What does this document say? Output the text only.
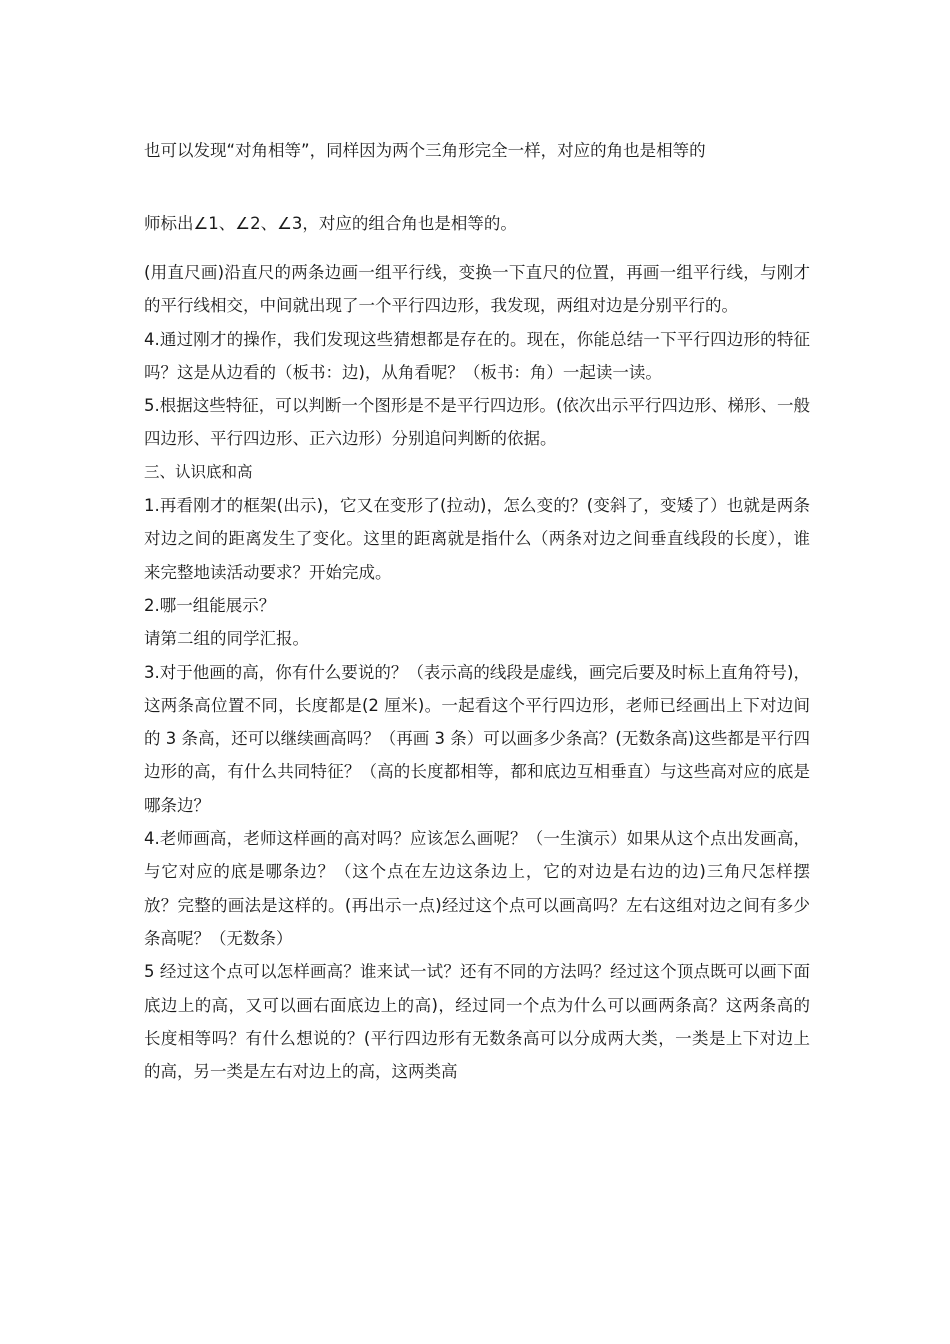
也可以发现“对角相等”，同样因为两个三角形完全一样，对应的角也是相等的
师标出∠1、∠2、∠3，对应的组合角也是相等的。

(用直尺画)沿直尺的两条边画一组平行线，变换一下直尺的位置，再画一组平行线，与刚才的平行线相交，中间就出现了一个平行四边形，我发现，两组对边是分别平行的。

4.通过刚才的操作，我们发现这些猜想都是存在的。现在，你能总结一下平行四边形的特征吗？这是从边看的（板书：边)，从角看呢？（板书：角）一起读一读。

5.根据这些特征，可以判断一个图形是不是平行四边形。(依次出示平行四边形、梯形、一般四边形、平行四边形、正六边形）分别追问判断的依据。

三、认识底和高

1.再看刚才的框架(出示)，它又在变形了(拉动)，怎么变的？(变斜了，变矮了）也就是两条对边之间的距离发生了变化。这里的距离就是指什么（两条对边之间垂直线段的长度），谁来完整地读活动要求？开始完成。

2.哪一组能展示？

请第二组的同学汇报。

3.对于他画的高，你有什么要说的？（表示高的线段是虚线，画完后要及时标上直角符号)，这两条高位置不同，长度都是(2 厘米)。一起看这个平行四边形，老师已经画出上下对边间的 3 条高，还可以继续画高吗？（再画 3 条）可以画多少条高？(无数条高)这些都是平行四边形的高，有什么共同特征？（高的长度都相等，都和底边互相垂直）与这些高对应的底是哪条边？

4.老师画高，老师这样画的高对吗？应该怎么画呢？（一生演示）如果从这个点出发画高，与它对应的底是哪条边？（这个点在左边这条边上，它的对边是右边的边)三角尺怎样摆放？完整的画法是这样的。(再出示一点)经过这个点可以画高吗？左右这组对边之间有多少条高呢？（无数条）

5 经过这个点可以怎样画高？谁来试一试？还有不同的方法吗？经过这个顶点既可以画下面底边上的高，又可以画右面底边上的高)，经过同一个点为什么可以画两条高？这两条高的长度相等吗？有什么想说的？(平行四边形有无数条高可以分成两大类，一类是上下对边上的高，另一类是左右对边上的高，这两类高
